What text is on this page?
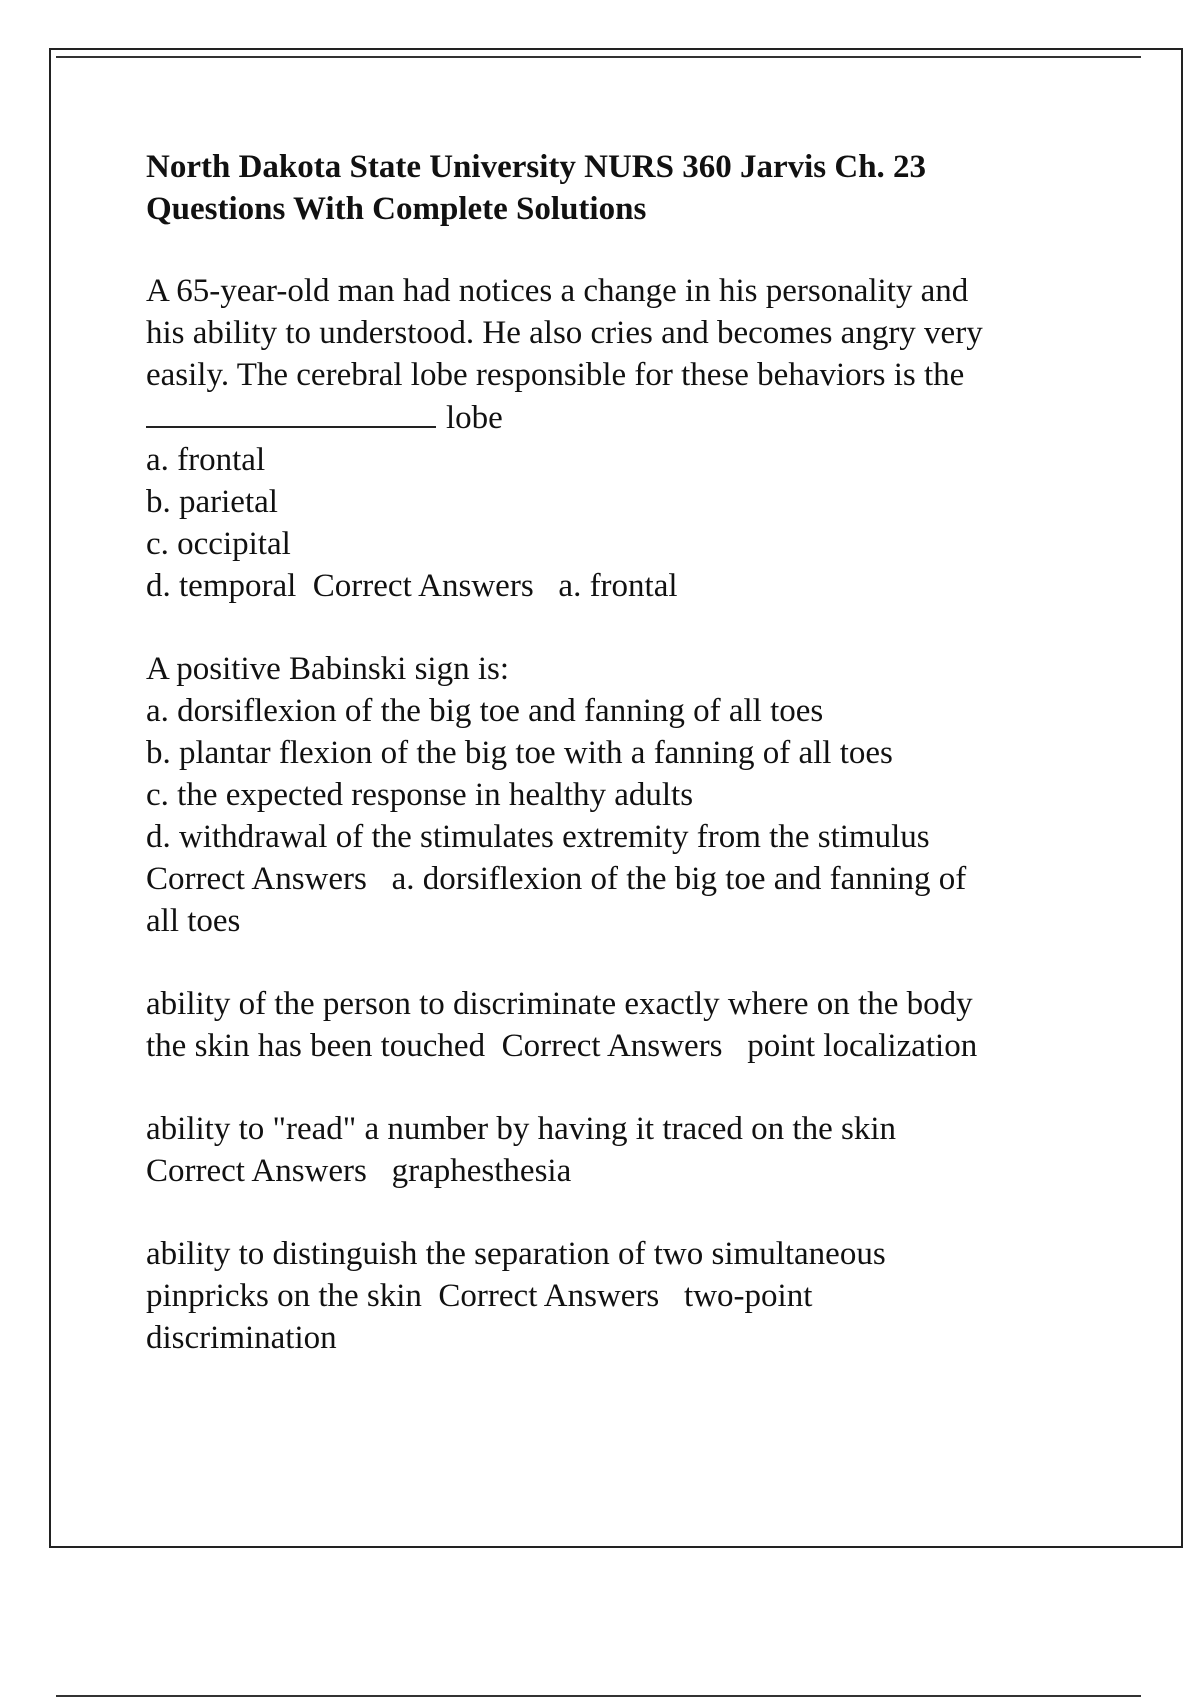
North Dakota State University NURS 360 Jarvis Ch. 23
Questions With Complete Solutions
A 65-year-old man had notices a change in his personality and
his ability to understood. He also cries and becomes angry very
easily. The cerebral lobe responsible for these behaviors is the
lobe
a. frontal
b. parietal
c. occipital
d. temporal Correct Answers a. frontal
A positive Babinski sign is:
a. dorsiflexion of the big toe and fanning of all toes
b. plantar flexion of the big toe with a fanning of all toes
c. the expected response in healthy adults
d. withdrawal of the stimulates extremity from the stimulus
Correct Answers a. dorsiflexion of the big toe and fanning of
all toes
ability of the person to discriminate exactly where on the body
the skin has been touched Correct Answers point localization
ability to "read" a number by having it traced on the skin
Correct Answers graphesthesia
ability to distinguish the separation of two simultaneous
pinpricks on the skin Correct Answers two-point
discrimination
